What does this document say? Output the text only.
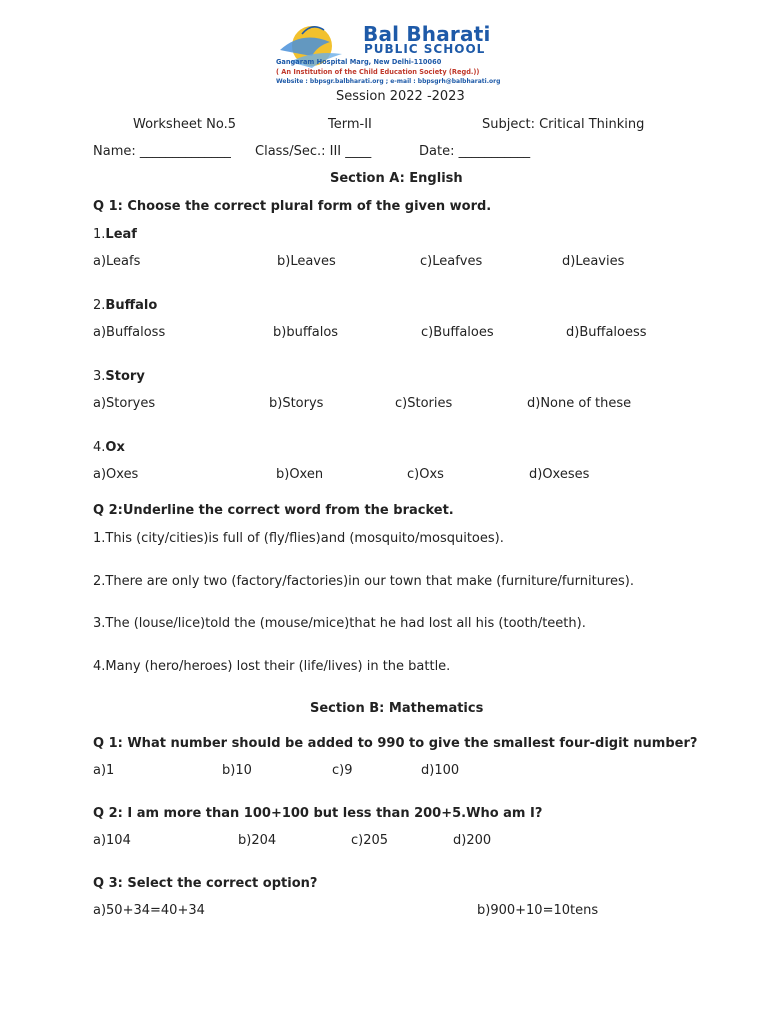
Bal Bharati
PUBLIC SCHOOL
Gangaram Hospital Marg, New Delhi-110060
( An Institution of the Child Education Society (Regd.))
Website : bbpsgr.balbharati.org ; e-mail : bbpsgrh@balbharati.org
Session 2022 -2023
Worksheet No.5	Term-II	Subject: Critical Thinking
Name: ______________ Class/Sec.: III ____	Date: ___________
Section A: English
Q 1: Choose the correct plural form of the given word.
1.Leaf
a)Leafs	b)Leaves	c)Leafves	d)Leavies
2.Buffalo
a)Buffaloss	b)buffalos	c)Buffaloes	d)Buffaloess
3.Story
a)Storyes	b)Storys	c)Stories	d)None of these
4.Ox
a)Oxes	b)Oxen	c)Oxs	d)Oxeses
Q 2:Underline the correct word from the bracket.
1.This (city/cities)is full of (fly/flies)and (mosquito/mosquitoes).
2.There are only two (factory/factories)in our town that make (furniture/furnitures).
3.The (louse/lice)told the (mouse/mice)that he had lost all his (tooth/teeth).
4.Many (hero/heroes) lost their (life/lives) in the battle.
Section B: Mathematics
Q 1: What number should be added to 990 to give the smallest four-digit number?
a)1	b)10	c)9	d)100
Q 2: I am more than 100+100 but less than 200+5.Who am I?
a)104	b)204	c)205	d)200
Q 3: Select the correct option?
a)50+34=40+34	b)900+10=10tens
